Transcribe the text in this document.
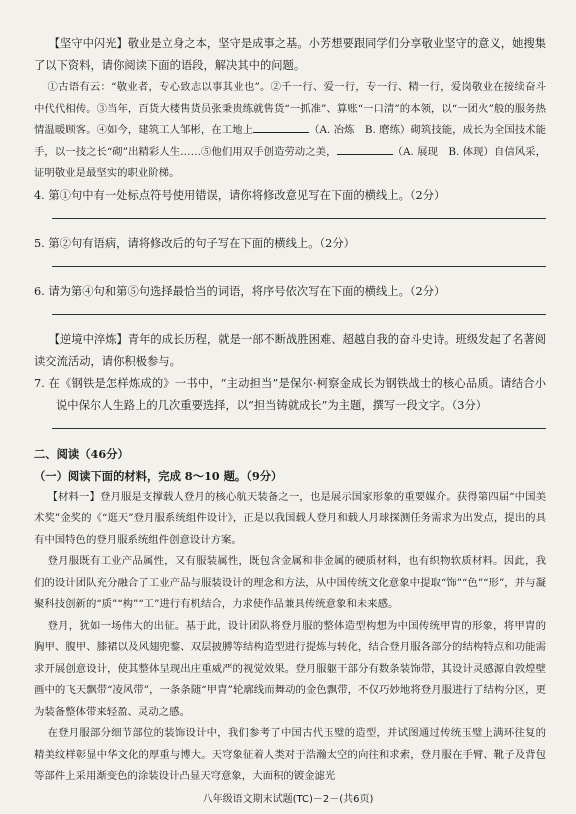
【坚守中闪光】敬业是立身之本，坚守是成事之基。小芳想要跟同学们分享敬业坚守的意义，她搜集了以下资料，请你阅读下面的语段，解决其中的问题。

①古语有云：“敬业者，专心致志以事其业也”。②千一行、爱一行，专一行、精一行，爱岗敬业在接续奋斗中代代相传。③当年，百货大楼售货员张秉贵练就售货“一抓准”、算账“一口清”的本领，以“一团火”般的服务热情温暖顾客。④如今，建筑工人邹彬，在工地上	（A. 冶炼　B. 磨练）砌筑技能，成长为全国技术能手，以一技之长“砌”出精彩人生……⑤他们用双手创造劳动之美，	（A. 展现　B. 体现）自信风采，证明敬业是最坚实的职业阶梯。

4. 第①句中有一处标点符号使用错误，请你将修改意见写在下面的横线上。（2分）

5. 第②句有语病，请将修改后的句子写在下面的横线上。（2分）

6. 请为第④句和第⑤句选择最恰当的词语，将序号依次写在下面的横线上。（2分）

【逆境中淬炼】青年的成长历程，就是一部不断战胜困难、超越自我的奋斗史诗。班级发起了名著阅读交流活动，请你积极参与。

7. 在《钢铁是怎样炼成的》一书中，“主动担当”是保尔·柯察金成长为钢铁战士的核心品质。请结合小说中保尔人生路上的几次重要选择，以“担当铸就成长”为主题，撰写一段文字。（3分）

二、阅读（46分）

（一）阅读下面的材料，完成 8～10 题。（9分）

【材料一】登月服是支撑载人登月的核心航天装备之一，也是展示国家形象的重要媒介。获得第四届“中国美术奖”金奖的《“逛天”登月服系统组件设计》，正是以我国载人登月和载人月球探测任务需求为出发点，提出的具有中国特色的登月服系统组件创意设计方案。

登月服既有工业产品属性，又有服装属性，既包含金属和非金属的硬质材料，也有织物软质材料。因此，我们的设计团队充分融合了工业产品与服装设计的理念和方法，从中国传统文化意象中提取“饰”“色”“形”，并与凝聚科技创新的“质”“构”“工”进行有机结合，力求使作品兼具传统意象和未来感。

登月，犹如一场伟大的出征。基于此，设计团队将登月服的整体造型构想为中国传统甲胄的形象，将甲胄的胸甲、腹甲、膝裙以及风翅兜鍪、双层披膊等结构造型进行提炼与转化，结合登月服各部分的结构特点和功能需求开展创意设计，使其整体呈现出庄重威严的视觉效果。登月服躯干部分有数条装饰带，其设计灵感源自敦煌壁画中的飞天飘带“凌风带”，一条条随“甲胄”轮廓线而舞动的金色飘带，不仅巧妙地将登月服进行了结构分区，更为装备整体带来轻盈、灵动之感。

在登月服部分细节部位的装饰设计中，我们参考了中国古代玉璧的造型，并试图通过传统玉璧上满环往复的精美纹样彰显中华文化的厚重与博大。天穹象征着人类对于浩瀚太空的向往和求索，登月服在手臂、靴子及背包等部件上采用渐变色的涂装设计凸显天穹意象，大面积的镀金滤光

八年级语文期末试题(TC)－2－(共6页)
